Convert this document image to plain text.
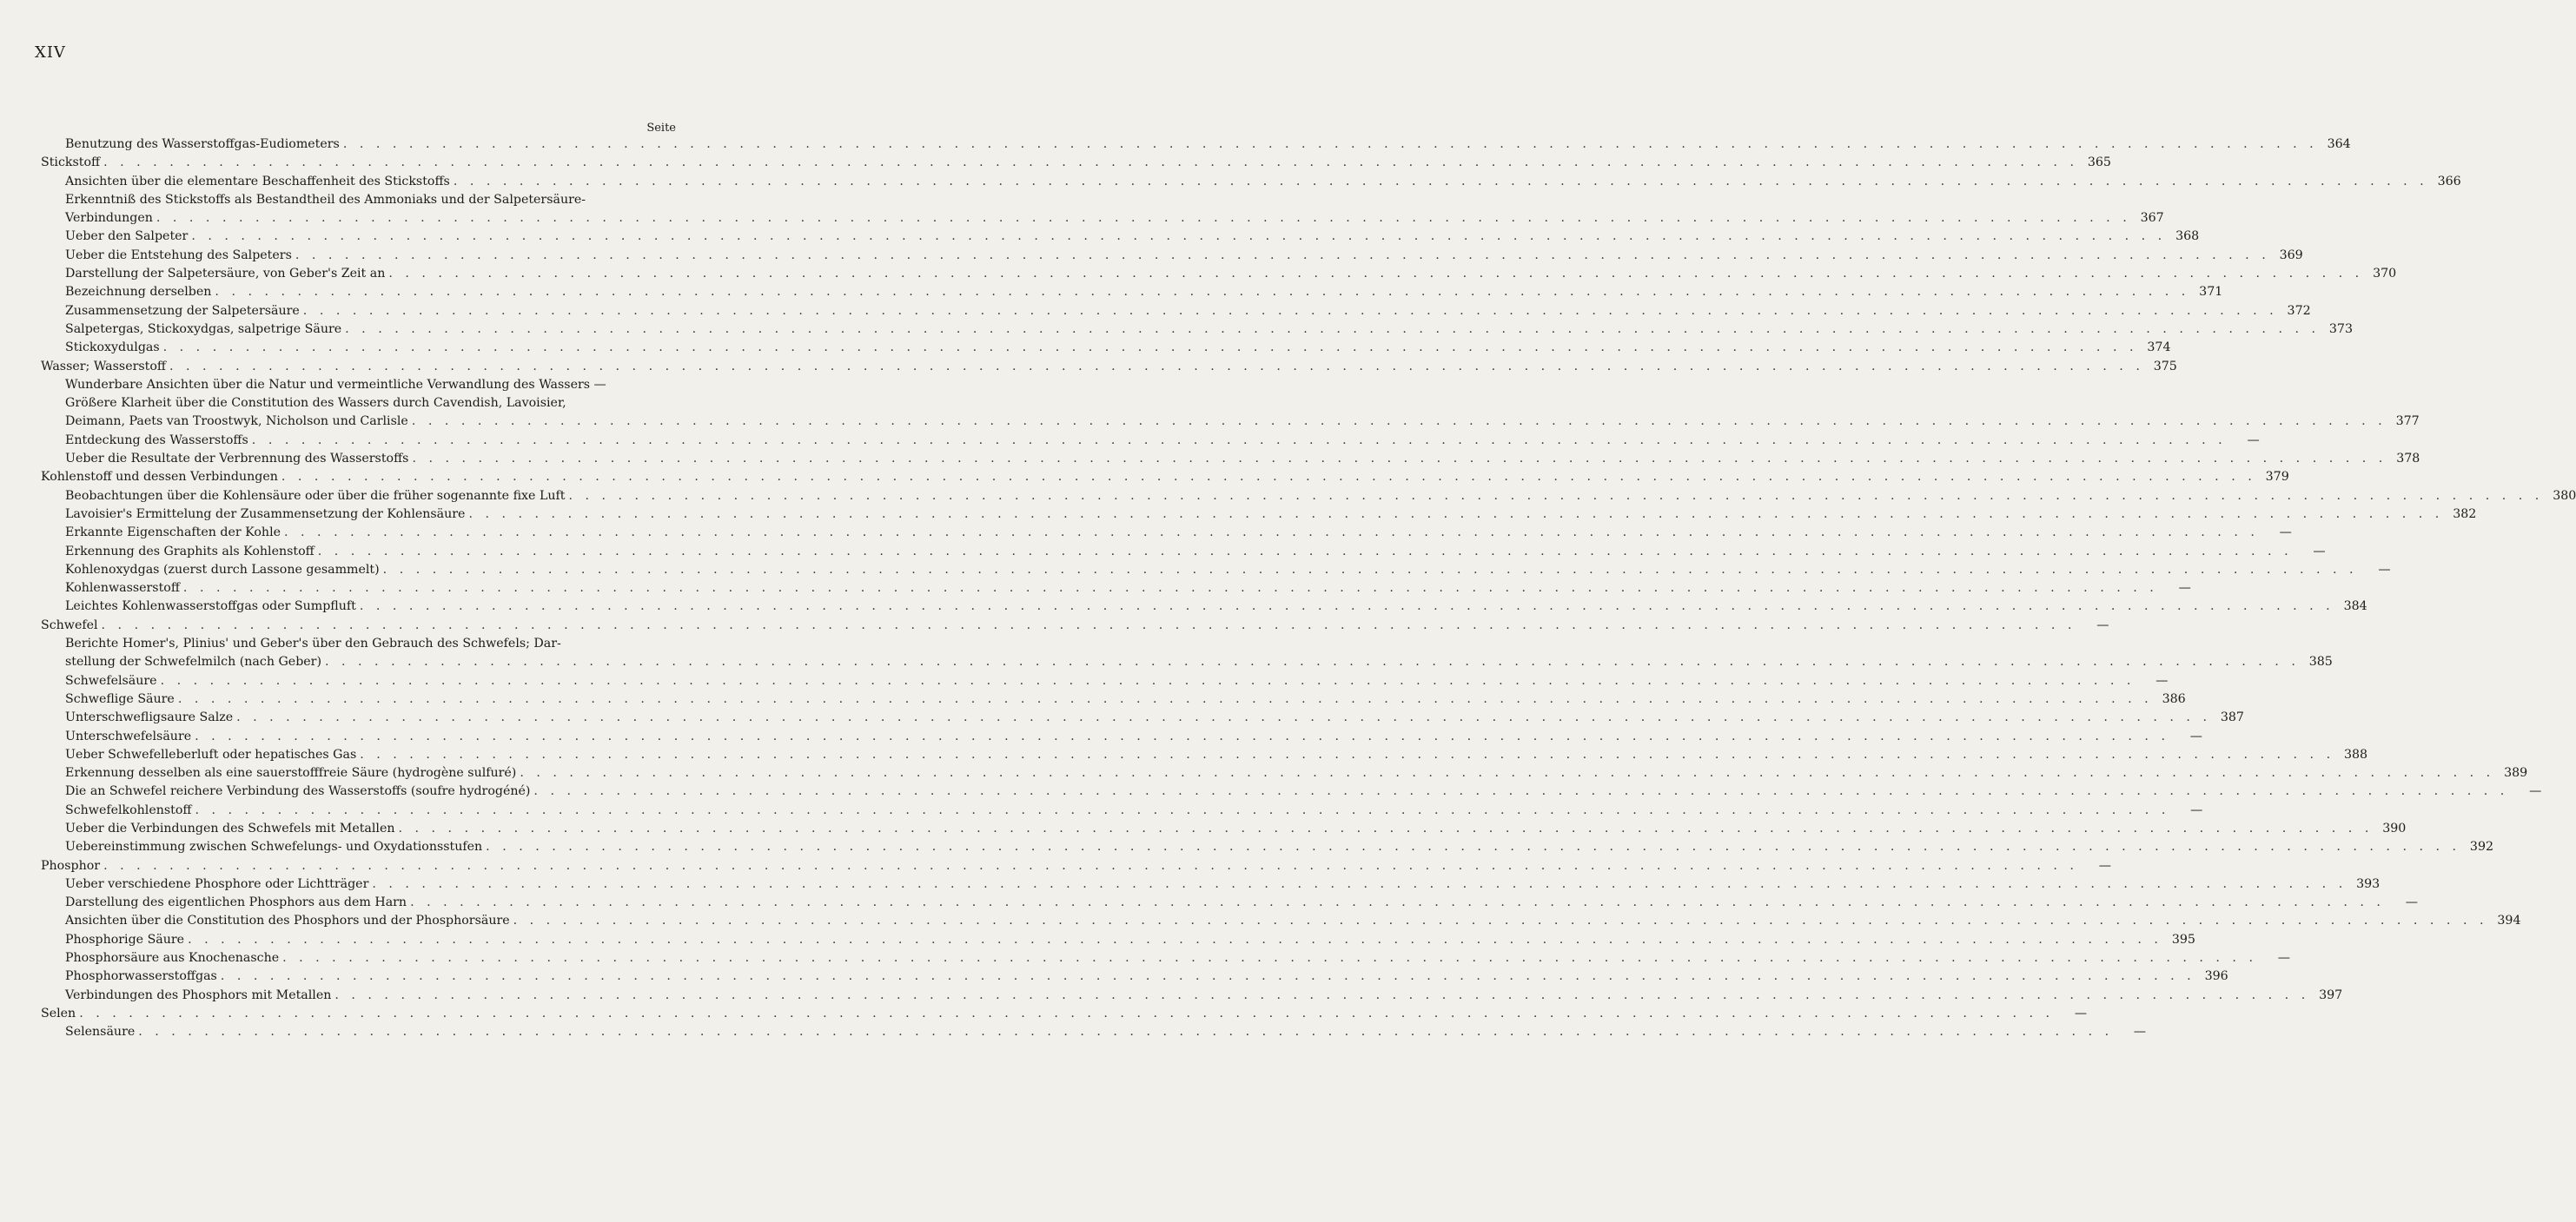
XIV
Seite
Benutzung des Wasserstoffgas-Eudiometers . . . . . . . . . . . . . . . . . . . . . . . . . . . . . . . . . . . . . . . . . . . . . . . . . . . . . . . . . . . . . . . . . . . . . . . . . . . . . . . . . . . . . . . . . . . . . . . . . . . . . . . . . . . . . . . . . . . . . . . . 364
Stickstoff . . . . . . . . . . . . . . . . . . . . . . . . . . . . . . . . . . . . . . . . . . . . . . . . . . . . . . . . . . . . . . . . . . . . . . . . . . . . . . . . . . . . . . . . . . . . . . . . . . . . . . . . . . . . . . . . . . . . . . . . 365
Ansichten über die elementare Beschaffenheit des Stickstoffs . . . . . . . . . . . . . . . . . . . . . . . . . . . . . . . . . . . . . . . . . . . . . . . . . . . . . . . . . . . . . . . . . . . . . . . . . . . . . . . . . . . . . . . . . . . . . . . . . . . . . . . . . . . . . . . . . . . . . . . . 366
Erkenntniß des Stickstoffs als Bestandtheil des Ammoniaks und der Salpetersäure-
Verbindungen . . . . . . . . . . . . . . . . . . . . . . . . . . . . . . . . . . . . . . . . . . . . . . . . . . . . . . . . . . . . . . . . . . . . . . . . . . . . . . . . . . . . . . . . . . . . . . . . . . . . . . . . . . . . . . . . . . . . . . . . 367
Ueber den Salpeter . . . . . . . . . . . . . . . . . . . . . . . . . . . . . . . . . . . . . . . . . . . . . . . . . . . . . . . . . . . . . . . . . . . . . . . . . . . . . . . . . . . . . . . . . . . . . . . . . . . . . . . . . . . . . . . . . . . . . . . . 368
Ueber die Entstehung des Salpeters . . . . . . . . . . . . . . . . . . . . . . . . . . . . . . . . . . . . . . . . . . . . . . . . . . . . . . . . . . . . . . . . . . . . . . . . . . . . . . . . . . . . . . . . . . . . . . . . . . . . . . . . . . . . . . . . . . . . . . . . 369
Darstellung der Salpetersäure, von Geber's Zeit an . . . . . . . . . . . . . . . . . . . . . . . . . . . . . . . . . . . . . . . . . . . . . . . . . . . . . . . . . . . . . . . . . . . . . . . . . . . . . . . . . . . . . . . . . . . . . . . . . . . . . . . . . . . . . . . . . . . . . . . . 370
Bezeichnung derselben . . . . . . . . . . . . . . . . . . . . . . . . . . . . . . . . . . . . . . . . . . . . . . . . . . . . . . . . . . . . . . . . . . . . . . . . . . . . . . . . . . . . . . . . . . . . . . . . . . . . . . . . . . . . . . . . . . . . . . . . 371
Zusammensetzung der Salpetersäure . . . . . . . . . . . . . . . . . . . . . . . . . . . . . . . . . . . . . . . . . . . . . . . . . . . . . . . . . . . . . . . . . . . . . . . . . . . . . . . . . . . . . . . . . . . . . . . . . . . . . . . . . . . . . . . . . . . . . . . . 372
Salpetergas, Stickoxydgas, salpetrige Säure . . . . . . . . . . . . . . . . . . . . . . . . . . . . . . . . . . . . . . . . . . . . . . . . . . . . . . . . . . . . . . . . . . . . . . . . . . . . . . . . . . . . . . . . . . . . . . . . . . . . . . . . . . . . . . . . . . . . . . . . 373
Stickoxydulgas . . . . . . . . . . . . . . . . . . . . . . . . . . . . . . . . . . . . . . . . . . . . . . . . . . . . . . . . . . . . . . . . . . . . . . . . . . . . . . . . . . . . . . . . . . . . . . . . . . . . . . . . . . . . . . . . . . . . . . . . 374
Wasser; Wasserstoff . . . . . . . . . . . . . . . . . . . . . . . . . . . . . . . . . . . . . . . . . . . . . . . . . . . . . . . . . . . . . . . . . . . . . . . . . . . . . . . . . . . . . . . . . . . . . . . . . . . . . . . . . . . . . . . . . . . . . . . . 375
Wunderbare Ansichten über die Natur und vermeintliche Verwandlung des Wassers —
Größere Klarheit über die Constitution des Wassers durch Cavendish, Lavoisier,
Deimann, Paets van Troostwyk, Nicholson und Carlisle . . . . . . . . . . . . . . . . . . . . . . . . . . . . . . . . . . . . . . . . . . . . . . . . . . . . . . . . . . . . . . . . . . . . . . . . . . . . . . . . . . . . . . . . . . . . . . . . . . . . . . . . . . . . . . . . . . . . . . . . 377
Entdeckung des Wasserstoffs . . . . . . . . . . . . . . . . . . . . . . . . . . . . . . . . . . . . . . . . . . . . . . . . . . . . . . . . . . . . . . . . . . . . . . . . . . . . . . . . . . . . . . . . . . . . . . . . . . . . . . . . . . . . . . . . . . . . . . . .	—
Ueber die Resultate der Verbrennung des Wasserstoffs . . . . . . . . . . . . . . . . . . . . . . . . . . . . . . . . . . . . . . . . . . . . . . . . . . . . . . . . . . . . . . . . . . . . . . . . . . . . . . . . . . . . . . . . . . . . . . . . . . . . . . . . . . . . . . . . . . . . . . . . 378
Kohlenstoff und dessen Verbindungen . . . . . . . . . . . . . . . . . . . . . . . . . . . . . . . . . . . . . . . . . . . . . . . . . . . . . . . . . . . . . . . . . . . . . . . . . . . . . . . . . . . . . . . . . . . . . . . . . . . . . . . . . . . . . . . . . . . . . . . . 379
Beobachtungen über die Kohlensäure oder über die früher sogenannte fixe Luft . . . . . . . . . . . . . . . . . . . . . . . . . . . . . . . . . . . . . . . . . . . . . . . . . . . . . . . . . . . . . . . . . . . . . . . . . . . . . . . . . . . . . . . . . . . . . . . . . . . . . . . . . . . . . . . . . . . . . . . . 380
Lavoisier's Ermittelung der Zusammensetzung der Kohlensäure . . . . . . . . . . . . . . . . . . . . . . . . . . . . . . . . . . . . . . . . . . . . . . . . . . . . . . . . . . . . . . . . . . . . . . . . . . . . . . . . . . . . . . . . . . . . . . . . . . . . . . . . . . . . . . . . . . . . . . . . 382
Erkannte Eigenschaften der Kohle . . . . . . . . . . . . . . . . . . . . . . . . . . . . . . . . . . . . . . . . . . . . . . . . . . . . . . . . . . . . . . . . . . . . . . . . . . . . . . . . . . . . . . . . . . . . . . . . . . . . . . . . . . . . . . . . . . . . . . . .	—
Erkennung des Graphits als Kohlenstoff . . . . . . . . . . . . . . . . . . . . . . . . . . . . . . . . . . . . . . . . . . . . . . . . . . . . . . . . . . . . . . . . . . . . . . . . . . . . . . . . . . . . . . . . . . . . . . . . . . . . . . . . . . . . . . . . . . . . . . . .	—
Kohlenoxydgas (zuerst durch Lassone gesammelt) . . . . . . . . . . . . . . . . . . . . . . . . . . . . . . . . . . . . . . . . . . . . . . . . . . . . . . . . . . . . . . . . . . . . . . . . . . . . . . . . . . . . . . . . . . . . . . . . . . . . . . . . . . . . . . . . . . . . . . . .	—
Kohlenwasserstoff . . . . . . . . . . . . . . . . . . . . . . . . . . . . . . . . . . . . . . . . . . . . . . . . . . . . . . . . . . . . . . . . . . . . . . . . . . . . . . . . . . . . . . . . . . . . . . . . . . . . . . . . . . . . . . . . . . . . . . . .	—
Leichtes Kohlenwasserstoffgas oder Sumpfluft . . . . . . . . . . . . . . . . . . . . . . . . . . . . . . . . . . . . . . . . . . . . . . . . . . . . . . . . . . . . . . . . . . . . . . . . . . . . . . . . . . . . . . . . . . . . . . . . . . . . . . . . . . . . . . . . . . . . . . . . 384
Schwefel . . . . . . . . . . . . . . . . . . . . . . . . . . . . . . . . . . . . . . . . . . . . . . . . . . . . . . . . . . . . . . . . . . . . . . . . . . . . . . . . . . . . . . . . . . . . . . . . . . . . . . . . . . . . . . . . . . . . . . . .	—
Berichte Homer's, Plinius' und Geber's über den Gebrauch des Schwefels; Dar-
stellung der Schwefelmilch (nach Geber) . . . . . . . . . . . . . . . . . . . . . . . . . . . . . . . . . . . . . . . . . . . . . . . . . . . . . . . . . . . . . . . . . . . . . . . . . . . . . . . . . . . . . . . . . . . . . . . . . . . . . . . . . . . . . . . . . . . . . . . . 385
Schwefelsäure . . . . . . . . . . . . . . . . . . . . . . . . . . . . . . . . . . . . . . . . . . . . . . . . . . . . . . . . . . . . . . . . . . . . . . . . . . . . . . . . . . . . . . . . . . . . . . . . . . . . . . . . . . . . . . . . . . . . . . . .	—
Schweflige Säure . . . . . . . . . . . . . . . . . . . . . . . . . . . . . . . . . . . . . . . . . . . . . . . . . . . . . . . . . . . . . . . . . . . . . . . . . . . . . . . . . . . . . . . . . . . . . . . . . . . . . . . . . . . . . . . . . . . . . . . . 386
Unterschwefligsaure Salze . . . . . . . . . . . . . . . . . . . . . . . . . . . . . . . . . . . . . . . . . . . . . . . . . . . . . . . . . . . . . . . . . . . . . . . . . . . . . . . . . . . . . . . . . . . . . . . . . . . . . . . . . . . . . . . . . . . . . . . . 387
Unterschwefelsäure . . . . . . . . . . . . . . . . . . . . . . . . . . . . . . . . . . . . . . . . . . . . . . . . . . . . . . . . . . . . . . . . . . . . . . . . . . . . . . . . . . . . . . . . . . . . . . . . . . . . . . . . . . . . . . . . . . . . . . . .	—
Ueber Schwefelleberluft oder hepatisches Gas . . . . . . . . . . . . . . . . . . . . . . . . . . . . . . . . . . . . . . . . . . . . . . . . . . . . . . . . . . . . . . . . . . . . . . . . . . . . . . . . . . . . . . . . . . . . . . . . . . . . . . . . . . . . . . . . . . . . . . . . 388
Erkennung desselben als eine sauerstofffreie Säure (hydrogène sulfuré) . . . . . . . . . . . . . . . . . . . . . . . . . . . . . . . . . . . . . . . . . . . . . . . . . . . . . . . . . . . . . . . . . . . . . . . . . . . . . . . . . . . . . . . . . . . . . . . . . . . . . . . . . . . . . . . . . . . . . . . . 389
Die an Schwefel reichere Verbindung des Wasserstoffs (soufre hydrogéné) . . . . . . . . . . . . . . . . . . . . . . . . . . . . . . . . . . . . . . . . . . . . . . . . . . . . . . . . . . . . . . . . . . . . . . . . . . . . . . . . . . . . . . . . . . . . . . . . . . . . . . . . . . . . . . . . . . . . . . . .	—
Schwefelkohlenstoff . . . . . . . . . . . . . . . . . . . . . . . . . . . . . . . . . . . . . . . . . . . . . . . . . . . . . . . . . . . . . . . . . . . . . . . . . . . . . . . . . . . . . . . . . . . . . . . . . . . . . . . . . . . . . . . . . . . . . . . .	—
Ueber die Verbindungen des Schwefels mit Metallen . . . . . . . . . . . . . . . . . . . . . . . . . . . . . . . . . . . . . . . . . . . . . . . . . . . . . . . . . . . . . . . . . . . . . . . . . . . . . . . . . . . . . . . . . . . . . . . . . . . . . . . . . . . . . . . . . . . . . . . . 390
Uebereinstimmung zwischen Schwefelungs- und Oxydationsstufen . . . . . . . . . . . . . . . . . . . . . . . . . . . . . . . . . . . . . . . . . . . . . . . . . . . . . . . . . . . . . . . . . . . . . . . . . . . . . . . . . . . . . . . . . . . . . . . . . . . . . . . . . . . . . . . . . . . . . . . . 392
Phosphor . . . . . . . . . . . . . . . . . . . . . . . . . . . . . . . . . . . . . . . . . . . . . . . . . . . . . . . . . . . . . . . . . . . . . . . . . . . . . . . . . . . . . . . . . . . . . . . . . . . . . . . . . . . . . . . . . . . . . . . .	—
Ueber verschiedene Phosphore oder Lichtträger . . . . . . . . . . . . . . . . . . . . . . . . . . . . . . . . . . . . . . . . . . . . . . . . . . . . . . . . . . . . . . . . . . . . . . . . . . . . . . . . . . . . . . . . . . . . . . . . . . . . . . . . . . . . . . . . . . . . . . . . 393
Darstellung des eigentlichen Phosphors aus dem Harn . . . . . . . . . . . . . . . . . . . . . . . . . . . . . . . . . . . . . . . . . . . . . . . . . . . . . . . . . . . . . . . . . . . . . . . . . . . . . . . . . . . . . . . . . . . . . . . . . . . . . . . . . . . . . . . . . . . . . . . .	—
Ansichten über die Constitution des Phosphors und der Phosphorsäure . . . . . . . . . . . . . . . . . . . . . . . . . . . . . . . . . . . . . . . . . . . . . . . . . . . . . . . . . . . . . . . . . . . . . . . . . . . . . . . . . . . . . . . . . . . . . . . . . . . . . . . . . . . . . . . . . . . . . . . . 394
Phosphorige Säure . . . . . . . . . . . . . . . . . . . . . . . . . . . . . . . . . . . . . . . . . . . . . . . . . . . . . . . . . . . . . . . . . . . . . . . . . . . . . . . . . . . . . . . . . . . . . . . . . . . . . . . . . . . . . . . . . . . . . . . . 395
Phosphorsäure aus Knochenasche . . . . . . . . . . . . . . . . . . . . . . . . . . . . . . . . . . . . . . . . . . . . . . . . . . . . . . . . . . . . . . . . . . . . . . . . . . . . . . . . . . . . . . . . . . . . . . . . . . . . . . . . . . . . . . . . . . . . . . . .	—
Phosphorwasserstoffgas . . . . . . . . . . . . . . . . . . . . . . . . . . . . . . . . . . . . . . . . . . . . . . . . . . . . . . . . . . . . . . . . . . . . . . . . . . . . . . . . . . . . . . . . . . . . . . . . . . . . . . . . . . . . . . . . . . . . . . . . 396
Verbindungen des Phosphors mit Metallen . . . . . . . . . . . . . . . . . . . . . . . . . . . . . . . . . . . . . . . . . . . . . . . . . . . . . . . . . . . . . . . . . . . . . . . . . . . . . . . . . . . . . . . . . . . . . . . . . . . . . . . . . . . . . . . . . . . . . . . . 397
Selen . . . . . . . . . . . . . . . . . . . . . . . . . . . . . . . . . . . . . . . . . . . . . . . . . . . . . . . . . . . . . . . . . . . . . . . . . . . . . . . . . . . . . . . . . . . . . . . . . . . . . . . . . . . . . . . . . . . . . . . .	—
Selensäure . . . . . . . . . . . . . . . . . . . . . . . . . . . . . . . . . . . . . . . . . . . . . . . . . . . . . . . . . . . . . . . . . . . . . . . . . . . . . . . . . . . . . . . . . . . . . . . . . . . . . . . . . . . . . . . . . . . . . . . .	—
